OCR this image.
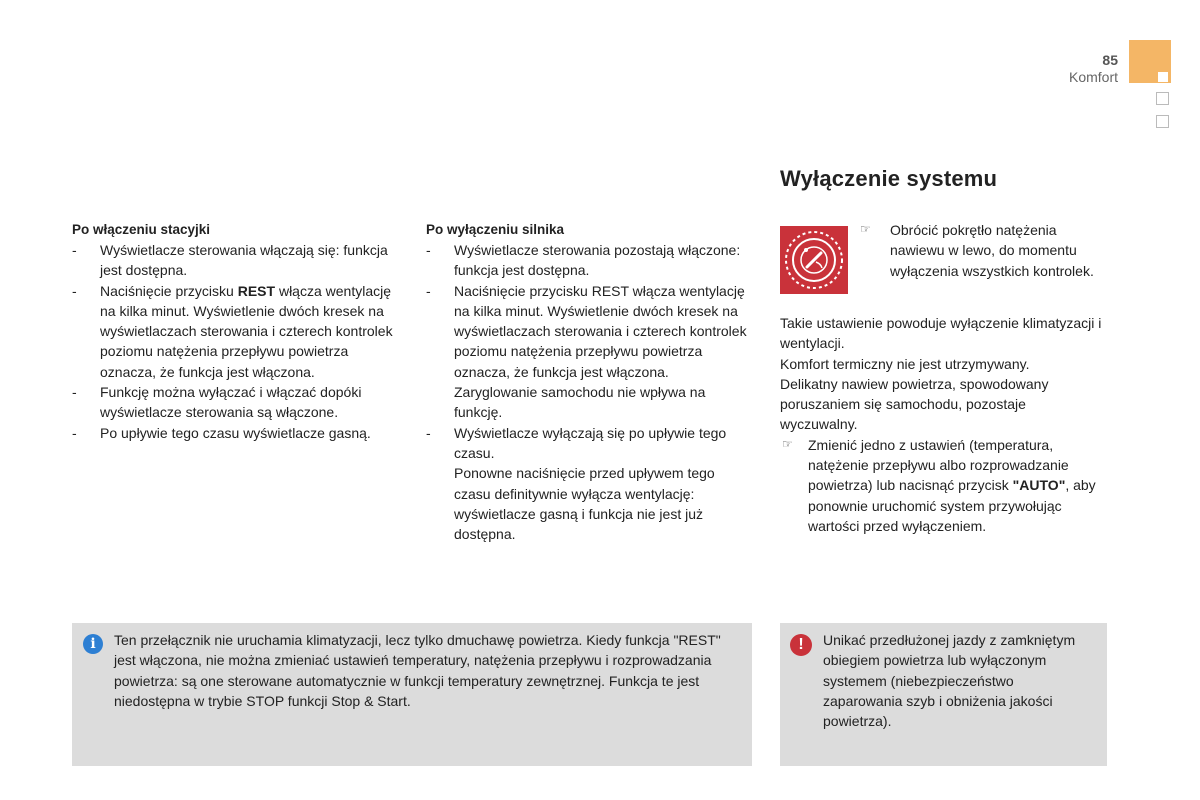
85
Komfort
Po włączeniu stacyjki
- Wyświetlacze sterowania włączają się: funkcja jest dostępna.
- Naciśnięcie przycisku REST włącza wentylację na kilka minut. Wyświetlenie dwóch kresek na wyświetlaczach sterowania i czterech kontrolek poziomu natężenia przepływu powietrza oznacza, że funkcja jest włączona.
- Funkcję można wyłączać i włączać dopóki wyświetlacze sterowania są włączone.
- Po upływie tego czasu wyświetlacze gasną.
Po wyłączeniu silnika
- Wyświetlacze sterowania pozostają włączone: funkcja jest dostępna.
- Naciśnięcie przycisku REST włącza wentylację na kilka minut. Wyświetlenie dwóch kresek na wyświetlaczach sterowania i czterech kontrolek poziomu natężenia przepływu powietrza oznacza, że funkcja jest włączona. Zaryglowanie samochodu nie wpływa na funkcję.
- Wyświetlacze wyłączają się po upływie tego czasu.
Ponowne naciśnięcie przed upływem tego czasu definitywnie wyłącza wentylację: wyświetlacze gasną i funkcja nie jest już dostępna.
Wyłączenie systemu
☞ Obrócić pokrętło natężenia nawiewu w lewo, do momentu wyłączenia wszystkich kontrolek.
Takie ustawienie powoduje wyłączenie klimatyzacji i wentylacji.
Komfort termiczny nie jest utrzymywany.
Delikatny nawiew powietrza, spowodowany poruszaniem się samochodu, pozostaje wyczuwalny.
☞ Zmienić jedno z ustawień (temperatura, natężenie przepływu albo rozprowadzanie powietrza) lub nacisnąć przycisk "AUTO", aby ponownie uruchomić system przywołując wartości przed wyłączeniem.
i	Ten przełącznik nie uruchamia klimatyzacji, lecz tylko dmuchawę powietrza. Kiedy funkcja "REST" jest włączona, nie można zmieniać ustawień temperatury, natężenia przepływu i rozprowadzania powietrza: są one sterowane automatycznie w funkcji temperatury zewnętrznej. Funkcja te jest niedostępna w trybie STOP funkcji Stop & Start.
!	Unikać przedłużonej jazdy z zamkniętym obiegiem powietrza lub wyłączonym systemem (niebezpieczeństwo zaparowania szyb i obniżenia jakości powietrza).
